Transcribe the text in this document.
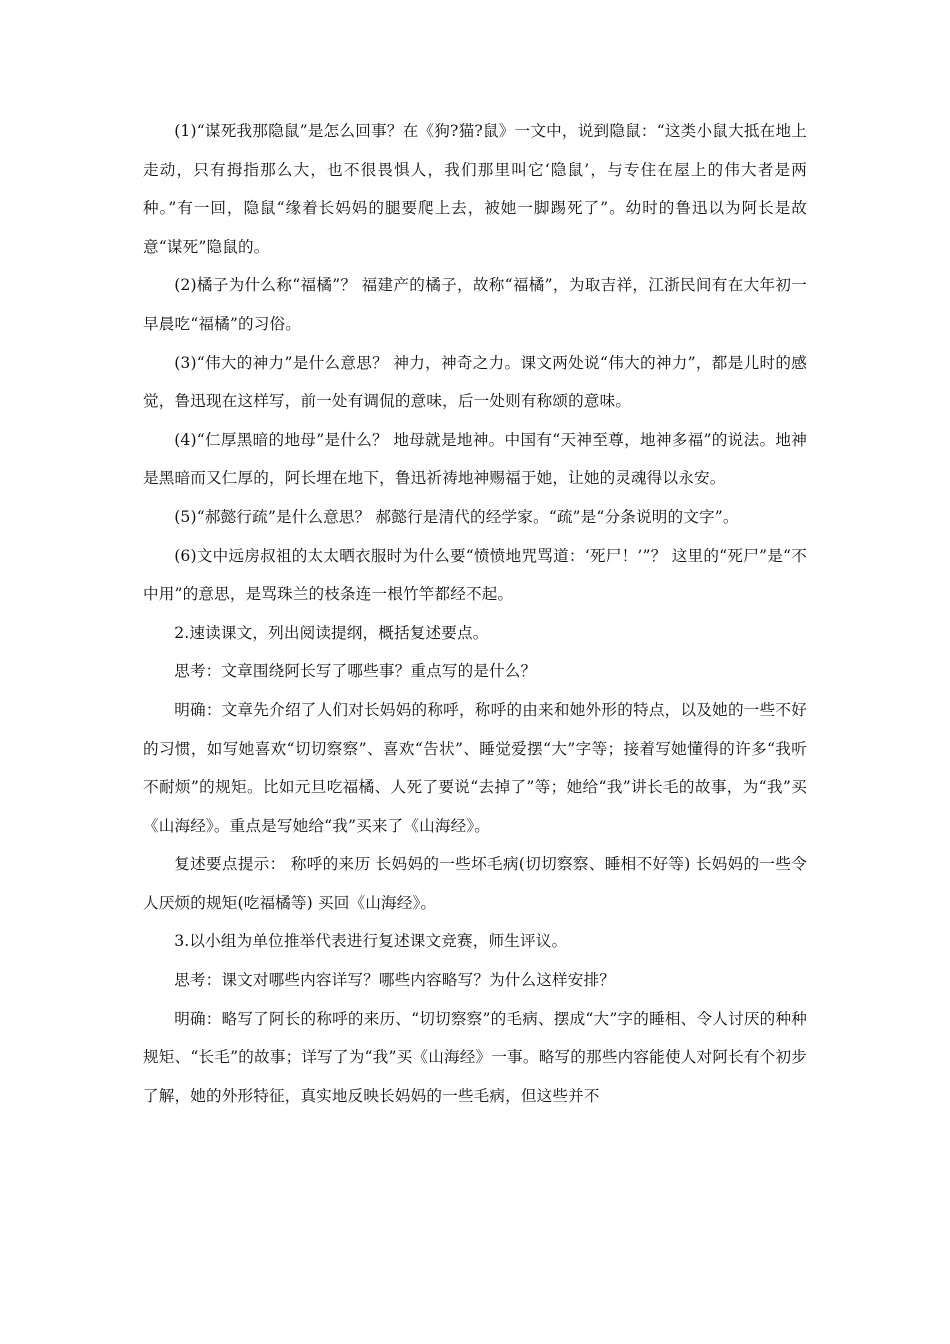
(1)“谋死我那隐鼠”是怎么回事？在《狗?猫?鼠》一文中，说到隐鼠：“这类小鼠大抵在地上走动，只有拇指那么大，也不很畏惧人，我们那里叫它‘隐鼠’，与专住在屋上的伟大者是两种。”有一回，隐鼠“缘着长妈妈的腿要爬上去，被她一脚踢死了”。幼时的鲁迅以为阿长是故意“谋死”隐鼠的。

(2)橘子为什么称“福橘”？ 福建产的橘子，故称“福橘”，为取吉祥，江浙民间有在大年初一早晨吃“福橘”的习俗。

(3)“伟大的神力”是什么意思？ 神力，神奇之力。课文两处说“伟大的神力”，都是儿时的感觉，鲁迅现在这样写，前一处有调侃的意味，后一处则有称颂的意味。

(4)“仁厚黑暗的地母”是什么？ 地母就是地神。中国有“天神至尊，地神多福”的说法。地神是黑暗而又仁厚的，阿长埋在地下，鲁迅祈祷地神赐福于她，让她的灵魂得以永安。

(5)“郝懿行疏”是什么意思？ 郝懿行是清代的经学家。“疏”是“分条说明的文字”。

(6)文中远房叔祖的太太晒衣服时为什么要“愤愤地咒骂道：‘死尸！’”？ 这里的“死尸”是“不中用”的意思，是骂珠兰的枝条连一根竹竿都经不起。

2.速读课文，列出阅读提纲，概括复述要点。

思考：文章围绕阿长写了哪些事？重点写的是什么？

明确：文章先介绍了人们对长妈妈的称呼，称呼的由来和她外形的特点，以及她的一些不好的习惯，如写她喜欢“切切察察”、喜欢“告状”、睡觉爱摆“大”字等；接着写她懂得的许多“我听不耐烦”的规矩。比如元旦吃福橘、人死了要说“去掉了”等；她给“我”讲长毛的故事，为“我”买《山海经》。重点是写她给“我”买来了《山海经》。

复述要点提示： 称呼的来历 长妈妈的一些坏毛病(切切察察、睡相不好等) 长妈妈的一些令人厌烦的规矩(吃福橘等) 买回《山海经》。

3.以小组为单位推举代表进行复述课文竞赛，师生评议。

思考：课文对哪些内容详写？哪些内容略写？为什么这样安排？

明确：略写了阿长的称呼的来历、“切切察察”的毛病、摆成“大”字的睡相、令人讨厌的种种规矩、“长毛”的故事；详写了为“我”买《山海经》一事。略写的那些内容能使人对阿长有个初步了解，她的外形特征，真实地反映长妈妈的一些毛病，但这些并不
